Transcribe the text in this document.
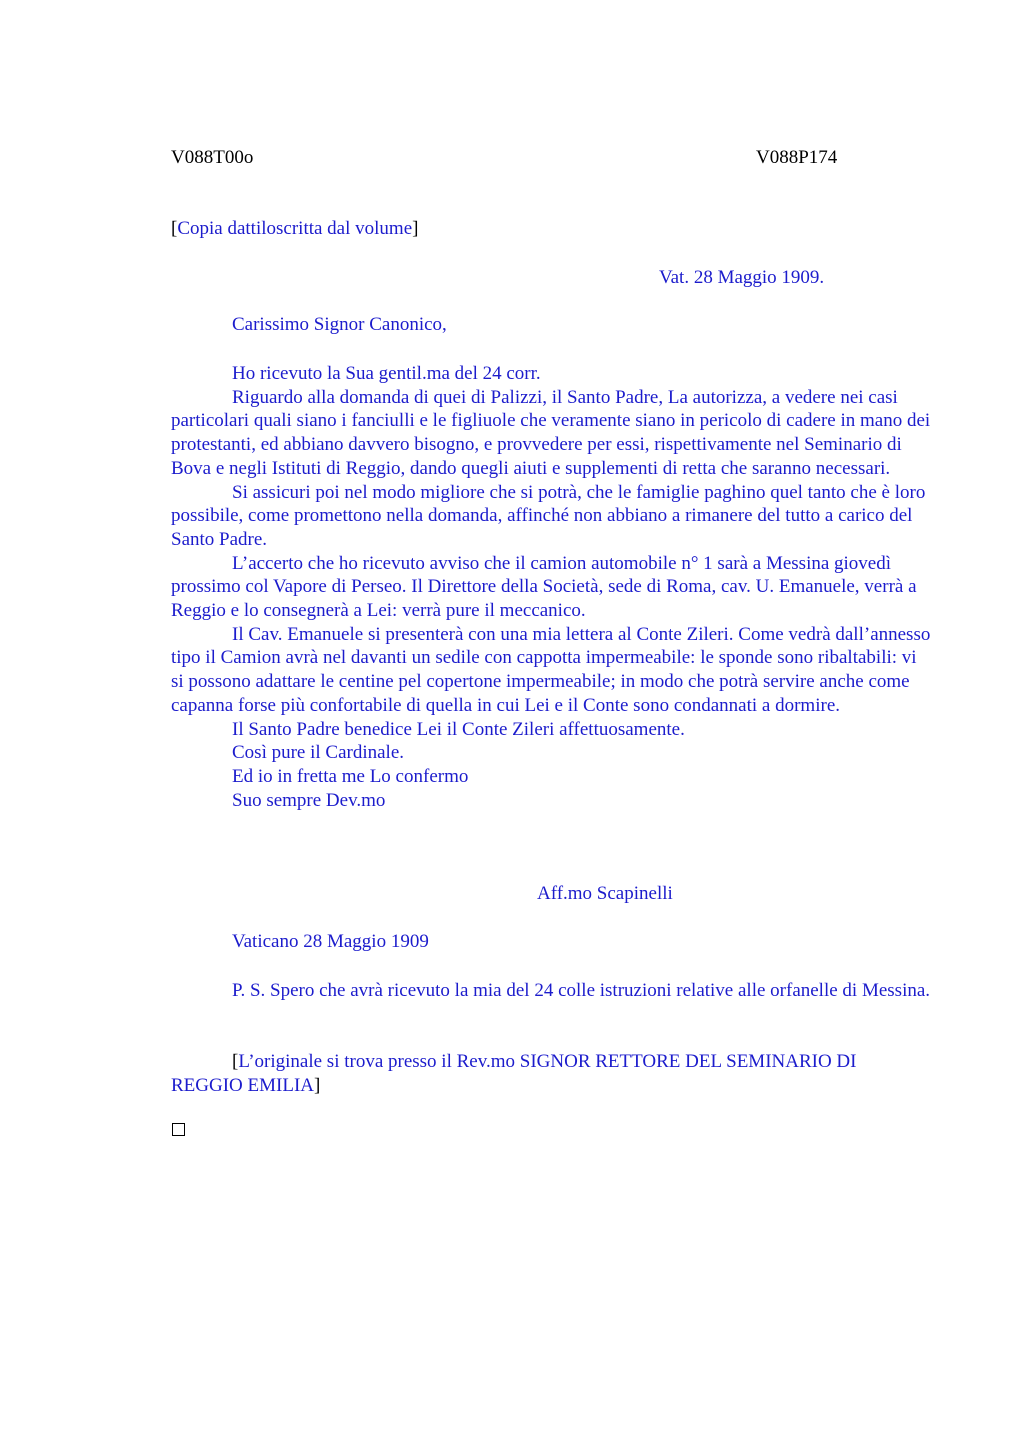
V088T00o	V088P174
[Copia dattiloscritta dal volume]
Vat. 28 Maggio 1909.
Carissimo Signor Canonico,

Ho ricevuto la Sua gentil.ma del 24 corr.

Riguardo alla domanda di quei di Palizzi, il Santo Padre, La autorizza, a vedere nei casi particolari quali siano i fanciulli e le figliuole che veramente siano in pericolo di cadere in mano dei protestanti, ed abbiano davvero bisogno, e provvedere per essi, rispettivamente nel Seminario di Bova e negli Istituti di Reggio, dando quegli aiuti e supplementi di retta che saranno necessari.

Si assicuri poi nel modo migliore che si potrà, che le famiglie paghino quel tanto che è loro possibile, come promettono nella domanda, affinché non abbiano a rimanere del tutto a carico del Santo Padre.

L’accerto che ho ricevuto avviso che il camion automobile n° 1 sarà a Messina giovedì prossimo col Vapore di Perseo. Il Direttore della Società, sede di Roma, cav. U. Emanuele, verrà a Reggio e lo consegnerà a Lei: verrà pure il meccanico.

Il Cav. Emanuele si presenterà con una mia lettera al Conte Zileri. Come vedrà dall’annesso tipo il Camion avrà nel davanti un sedile con cappotta impermeabile: le sponde sono ribaltabili: vi si possono adattare le centine pel copertone impermeabile; in modo che potrà servire anche come capanna forse più confortabile di quella in cui Lei e il Conte sono condannati a dormire.

Il Santo Padre benedice Lei il Conte Zileri affettuosamente.

Così pure il Cardinale.

Ed io in fretta me Lo confermo

Suo sempre Dev.mo

Aff.mo Scapinelli
Vaticano 28 Maggio 1909

P. S. Spero che avrà ricevuto la mia del 24 colle istruzioni relative alle orfanelle di Messina.

[L’originale si trova presso il Rev.mo SIGNOR RETTORE DEL SEMINARIO DI REGGIO EMILIA]
